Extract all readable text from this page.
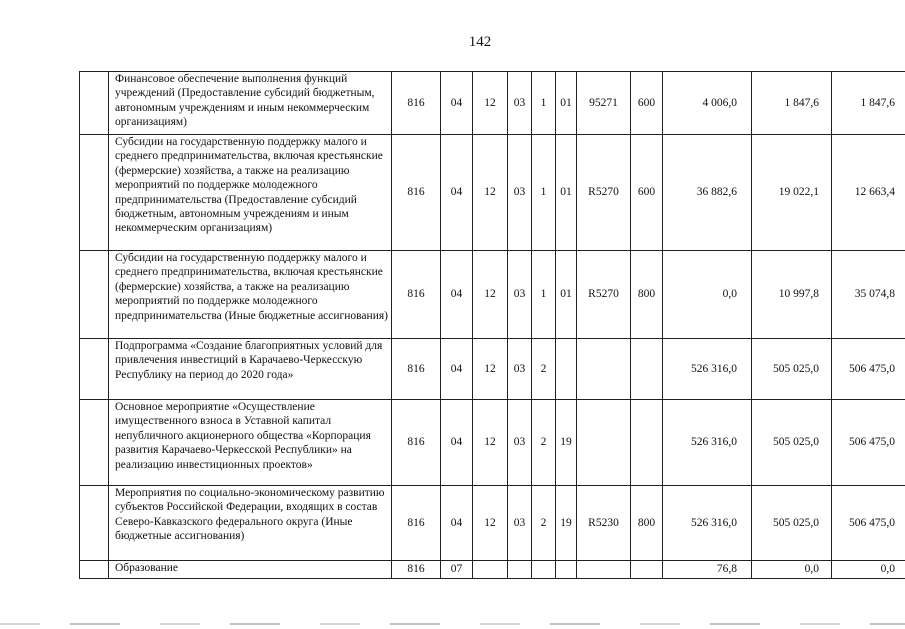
142
	Финансовое обеспечение выполнения функций учреждений (Предоставление субсидий бюджетным, автономным учреждениям и иным некоммерческим организациям)	816	04	12	03	1	01	95271	600	4 006,0	1 847,6	1 847,6
	Субсидии на государственную поддержку малого и среднего предпринимательства, включая крестьянские (фермерские) хозяйства, а также на реализацию мероприятий по поддержке молодежного предпринимательства (Предоставление субсидий бюджетным, автономным учреждениям и иным некоммерческим организациям)	816	04	12	03	1	01	R5270	600	36 882,6	19 022,1	12 663,4
	Субсидии на государственную поддержку малого и среднего предпринимательства, включая крестьянские (фермерские) хозяйства, а также на реализацию мероприятий по поддержке молодежного предпринимательства (Иные бюджетные ассигнования)	816	04	12	03	1	01	R5270	800	0,0	10 997,8	35 074,8
	Подпрограмма «Создание благоприятных условий для привлечения инвестиций в Карачаево-Черкесскую Республику на период до 2020 года»	816	04	12	03	2				526 316,0	505 025,0	506 475,0
	Основное мероприятие «Осуществление имущественного взноса в Уставной капитал непубличного акционерного общества «Корпорация развития Карачаево-Черкесской Республики» на реализацию инвестиционных проектов»	816	04	12	03	2	19			526 316,0	505 025,0	506 475,0
	Мероприятия по социально-экономическому развитию субъектов Российской Федерации, входящих в состав Северо-Кавказского федерального округа (Иные бюджетные ассигнования)	816	04	12	03	2	19	R5230	800	526 316,0	505 025,0	506 475,0
	Образование	816	07							76,8	0,0	0,0
